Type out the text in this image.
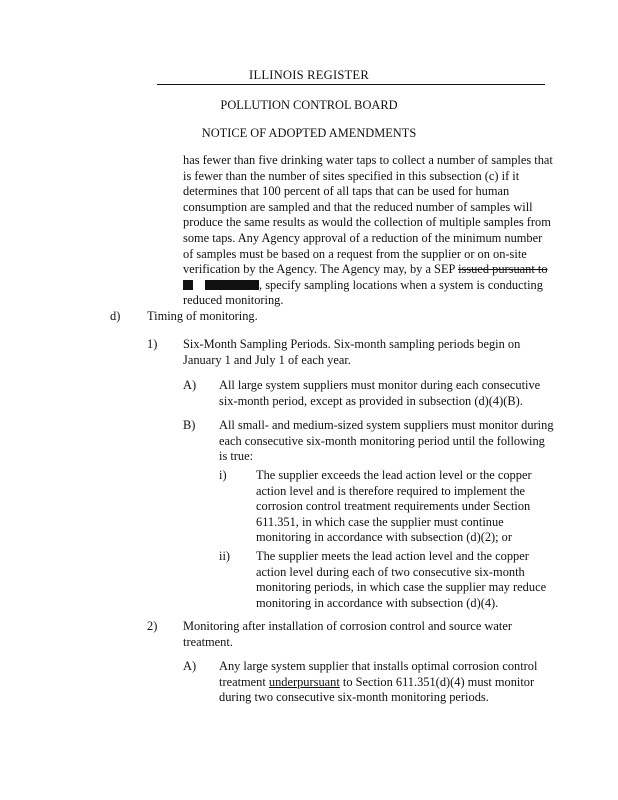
ILLINOIS REGISTER
POLLUTION CONTROL BOARD
NOTICE OF ADOPTED AMENDMENTS
has fewer than five drinking water taps to collect a number of samples that
is fewer than the number of sites specified in this subsection (c) if it
determines that 100 percent of all taps that can be used for human
consumption are sampled and that the reduced number of samples will
produce the same results as would the collection of multiple samples from
some taps. Any Agency approval of a reduction of the minimum number
of samples must be based on a request from the supplier or on on-site
verification by the Agency. The Agency may, by a SEP issued pursuant to
, specify sampling locations when a system is conducting
reduced monitoring.
d) Timing of monitoring.
1) Six-Month Sampling Periods. Six-month sampling periods begin on
January 1 and July 1 of each year.
A) All large system suppliers must monitor during each consecutive
six-month period, except as provided in subsection (d)(4)(B).
B) All small- and medium-sized system suppliers must monitor during
each consecutive six-month monitoring period until the following
is true:
i) The supplier exceeds the lead action level or the copper
action level and is therefore required to implement the
corrosion control treatment requirements under Section
611.351, in which case the supplier must continue
monitoring in accordance with subsection (d)(2); or
ii) The supplier meets the lead action level and the copper
action level during each of two consecutive six-month
monitoring periods, in which case the supplier may reduce
monitoring in accordance with subsection (d)(4).
2) Monitoring after installation of corrosion control and source water
treatment.
A) Any large system supplier that installs optimal corrosion control
treatment underpursuant to Section 611.351(d)(4) must monitor
during two consecutive six-month monitoring periods.
